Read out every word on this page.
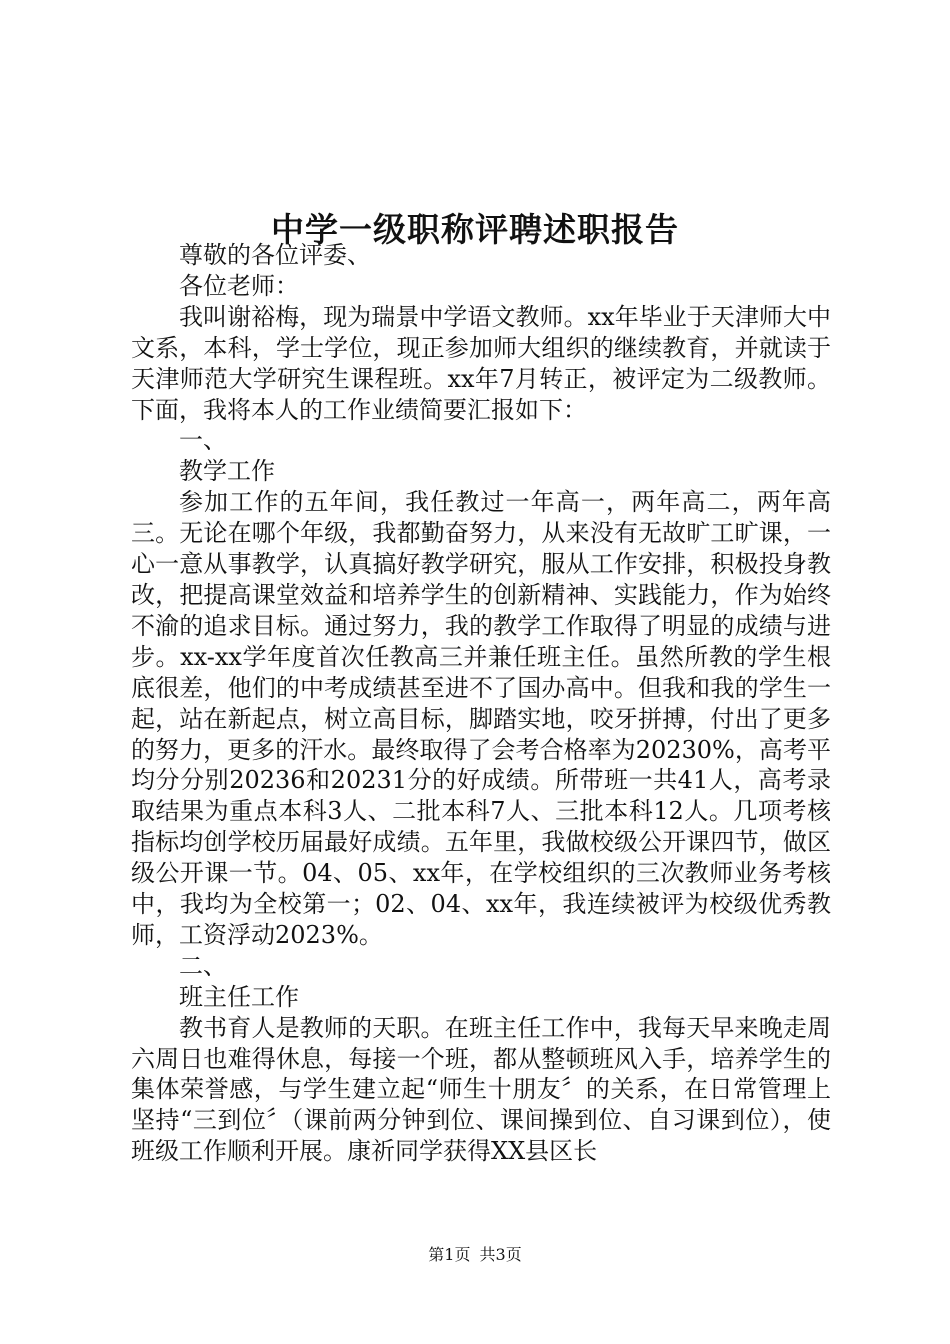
中学一级职称评聘述职报告

尊敬的各位评委、

各位老师：

我叫谢裕梅，现为瑞景中学语文教师。xx年毕业于天津师大中文系，本科，学士学位，现正参加师大组织的继续教育，并就读于天津师范大学研究生课程班。xx年7月转正，被评定为二级教师。下面，我将本人的工作业绩简要汇报如下：

一、

教学工作

参加工作的五年间，我任教过一年高一，两年高二，两年高三。无论在哪个年级，我都勤奋努力，从来没有无故旷工旷课，一心一意从事教学，认真搞好教学研究，服从工作安排，积极投身教改，把提高课堂效益和培养学生的创新精神、实践能力，作为始终不渝的追求目标。通过努力，我的教学工作取得了明显的成绩与进步。xx-xx学年度首次任教高三并兼任班主任。虽然所教的学生根底很差，他们的中考成绩甚至进不了国办高中。但我和我的学生一起，站在新起点，树立高目标，脚踏实地，咬牙拼搏，付出了更多的努力，更多的汗水。最终取得了会考合格率为20230%，高考平均分分别20236和20231分的好成绩。所带班一共41人，高考录取结果为重点本科3人、二批本科7人、三批本科12人。几项考核指标均创学校历届最好成绩。五年里，我做校级公开课四节，做区级公开课一节。04、05、xx年，在学校组织的三次教师业务考核中，我均为全校第一；02、04、xx年，我连续被评为校级优秀教师，工资浮动2023%。

二、

班主任工作

教书育人是教师的天职。在班主任工作中，我每天早来晚走周六周日也难得休息，每接一个班，都从整顿班风入手，培养学生的集体荣誉感，与学生建立起“师生十朋友〞的关系，在日常管理上坚持“三到位〞（课前两分钟到位、课间操到位、自习课到位），使班级工作顺利开展。康祈同学获得XX县区长

第1页 共3页
